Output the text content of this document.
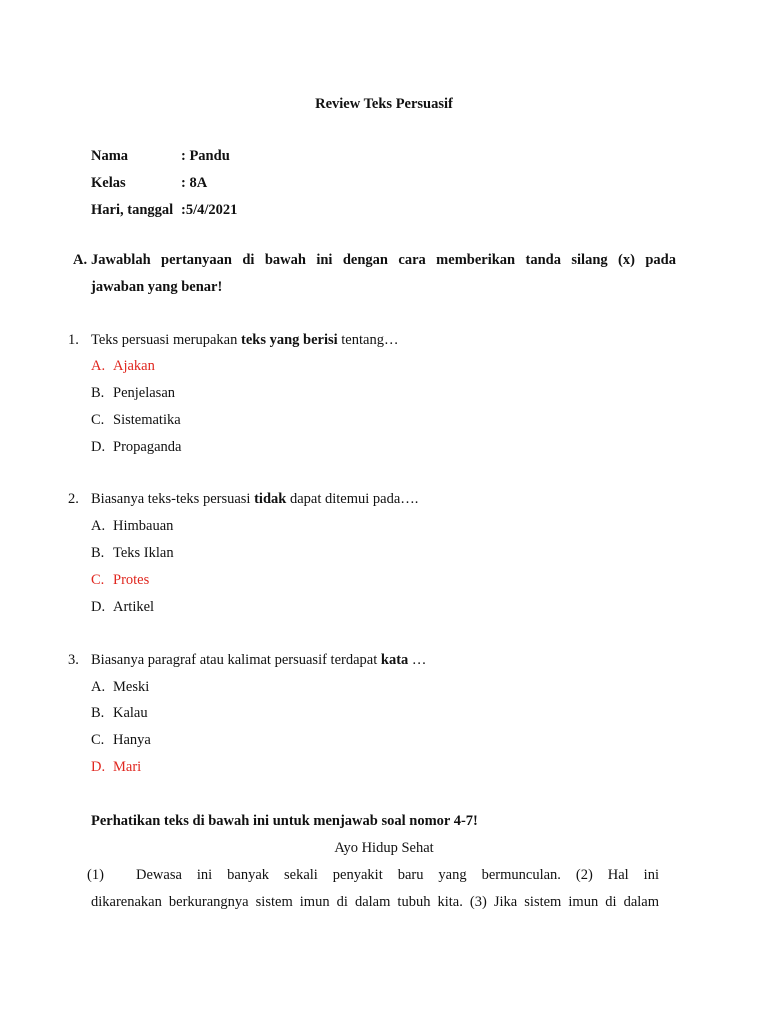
Review Teks Persuasif
Nama	: Pandu
Kelas	: 8A
Hari, tanggal :5/4/2021
A. Jawablah pertanyaan di bawah ini dengan cara memberikan tanda silang (x) pada
jawaban yang benar!
1. Teks persuasi merupakan teks yang berisi tentang…
A. Ajakan
B. Penjelasan
C. Sistematika
D. Propaganda
2. Biasanya teks-teks persuasi tidak dapat ditemui pada….
A. Himbauan
B. Teks Iklan
C. Protes
D. Artikel
3. Biasanya paragraf atau kalimat persuasif terdapat kata …
A. Meski
B. Kalau
C. Hanya
D. Mari
Perhatikan teks di bawah ini untuk menjawab soal nomor 4-7!
Ayo Hidup Sehat
(1) Dewasa ini banyak sekali penyakit baru yang bermunculan. (2) Hal ini
dikarenakan berkurangnya sistem imun di dalam tubuh kita. (3) Jika sistem imun di dalam
